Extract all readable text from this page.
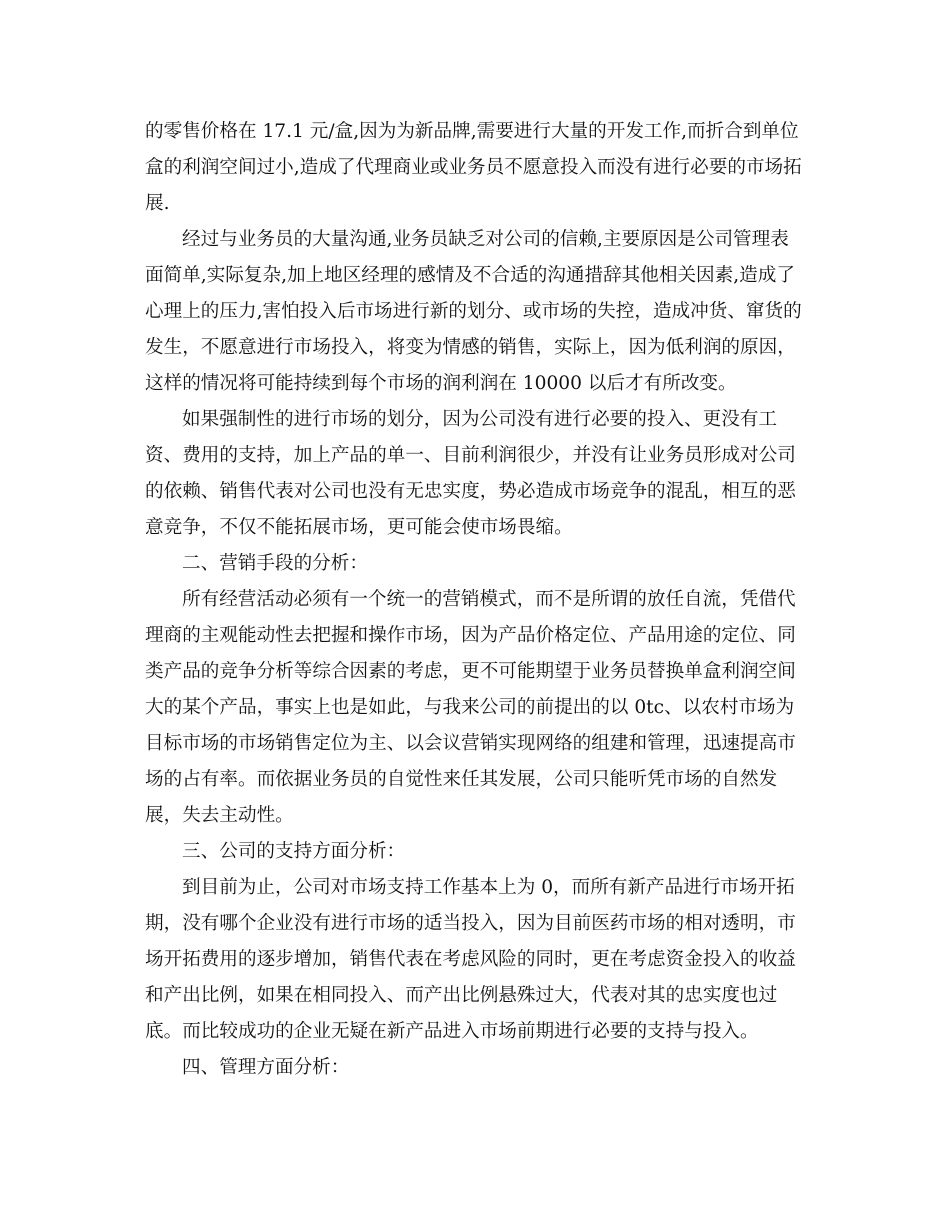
的零售价格在 17.1 元/盒,因为为新品牌,需要进行大量的开发工作,而折合到单位
盒的利润空间过小,造成了代理商业或业务员不愿意投入而没有进行必要的市场拓
展.

经过与业务员的大量沟通,业务员缺乏对公司的信赖,主要原因是公司管理表
面简单,实际复杂,加上地区经理的感情及不合适的沟通措辞其他相关因素,造成了
心理上的压力,害怕投入后市场进行新的划分、或市场的失控，造成冲货、窜货的
发生，不愿意进行市场投入，将变为情感的销售，实际上，因为低利润的原因，
这样的情况将可能持续到每个市场的润利润在 10000 以后才有所改变。
如果强制性的进行市场的划分，因为公司没有进行必要的投入、更没有工
资、费用的支持，加上产品的单一、目前利润很少，并没有让业务员形成对公司
的依赖、销售代表对公司也没有无忠实度，势必造成市场竞争的混乱，相互的恶
意竞争，不仅不能拓展市场，更可能会使市场畏缩。
二、营销手段的分析：
所有经营活动必须有一个统一的营销模式，而不是所谓的放任自流，凭借代
理商的主观能动性去把握和操作市场，因为产品价格定位、产品用途的定位、同
类产品的竞争分析等综合因素的考虑，更不可能期望于业务员替换单盒利润空间
大的某个产品，事实上也是如此，与我来公司的前提出的以 0tc、以农村市场为
目标市场的市场销售定位为主、以会议营销实现网络的组建和管理，迅速提高市
场的占有率。而依据业务员的自觉性来任其发展，公司只能听凭市场的自然发
展，失去主动性。
三、公司的支持方面分析：
到目前为止，公司对市场支持工作基本上为 0，而所有新产品进行市场开拓
期，没有哪个企业没有进行市场的适当投入，因为目前医药市场的相对透明，市
场开拓费用的逐步增加，销售代表在考虑风险的同时，更在考虑资金投入的收益
和产出比例，如果在相同投入、而产出比例悬殊过大，代表对其的忠实度也过
底。而比较成功的企业无疑在新产品进入市场前期进行必要的支持与投入。
四、管理方面分析：
